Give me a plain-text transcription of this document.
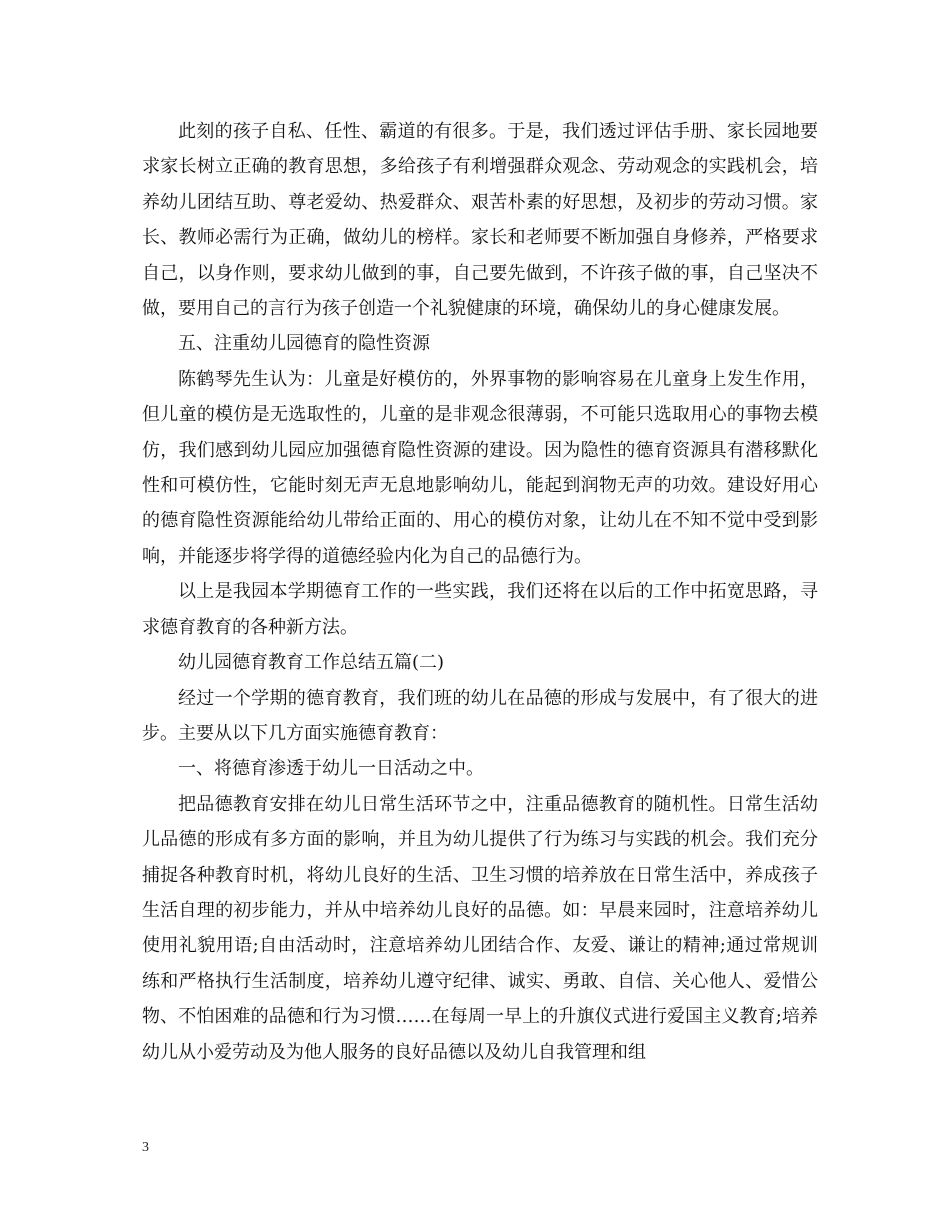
此刻的孩子自私、任性、霸道的有很多。于是，我们透过评估手册、家长园地要求家长树立正确的教育思想，多给孩子有利增强群众观念、劳动观念的实践机会，培养幼儿团结互助、尊老爱幼、热爱群众、艰苦朴素的好思想，及初步的劳动习惯。家长、教师必需行为正确，做幼儿的榜样。家长和老师要不断加强自身修养，严格要求自己，以身作则，要求幼儿做到的事，自己要先做到，不许孩子做的事，自己坚决不做，要用自己的言行为孩子创造一个礼貌健康的环境，确保幼儿的身心健康发展。

五、注重幼儿园德育的隐性资源

陈鹤琴先生认为：儿童是好模仿的，外界事物的影响容易在儿童身上发生作用，但儿童的模仿是无选取性的，儿童的是非观念很薄弱，不可能只选取用心的事物去模仿，我们感到幼儿园应加强德育隐性资源的建设。因为隐性的德育资源具有潜移默化性和可模仿性，它能时刻无声无息地影响幼儿，能起到润物无声的功效。建设好用心的德育隐性资源能给幼儿带给正面的、用心的模仿对象，让幼儿在不知不觉中受到影响，并能逐步将学得的道德经验内化为自己的品德行为。

以上是我园本学期德育工作的一些实践，我们还将在以后的工作中拓宽思路，寻求德育教育的各种新方法。

幼儿园德育教育工作总结五篇(二)

经过一个学期的德育教育，我们班的幼儿在品德的形成与发展中，有了很大的进步。主要从以下几方面实施德育教育：

一、将德育渗透于幼儿一日活动之中。

把品德教育安排在幼儿日常生活环节之中，注重品德教育的随机性。日常生活幼儿品德的形成有多方面的影响，并且为幼儿提供了行为练习与实践的机会。我们充分捕捉各种教育时机，将幼儿良好的生活、卫生习惯的培养放在日常生活中，养成孩子生活自理的初步能力，并从中培养幼儿良好的品德。如：早晨来园时，注意培养幼儿使用礼貌用语;自由活动时，注意培养幼儿团结合作、友爱、谦让的精神;通过常规训练和严格执行生活制度，培养幼儿遵守纪律、诚实、勇敢、自信、关心他人、爱惜公物、不怕困难的品德和行为习惯……在每周一早上的升旗仪式进行爱国主义教育;培养幼儿从小爱劳动及为他人服务的良好品德以及幼儿自我管理和组

3
